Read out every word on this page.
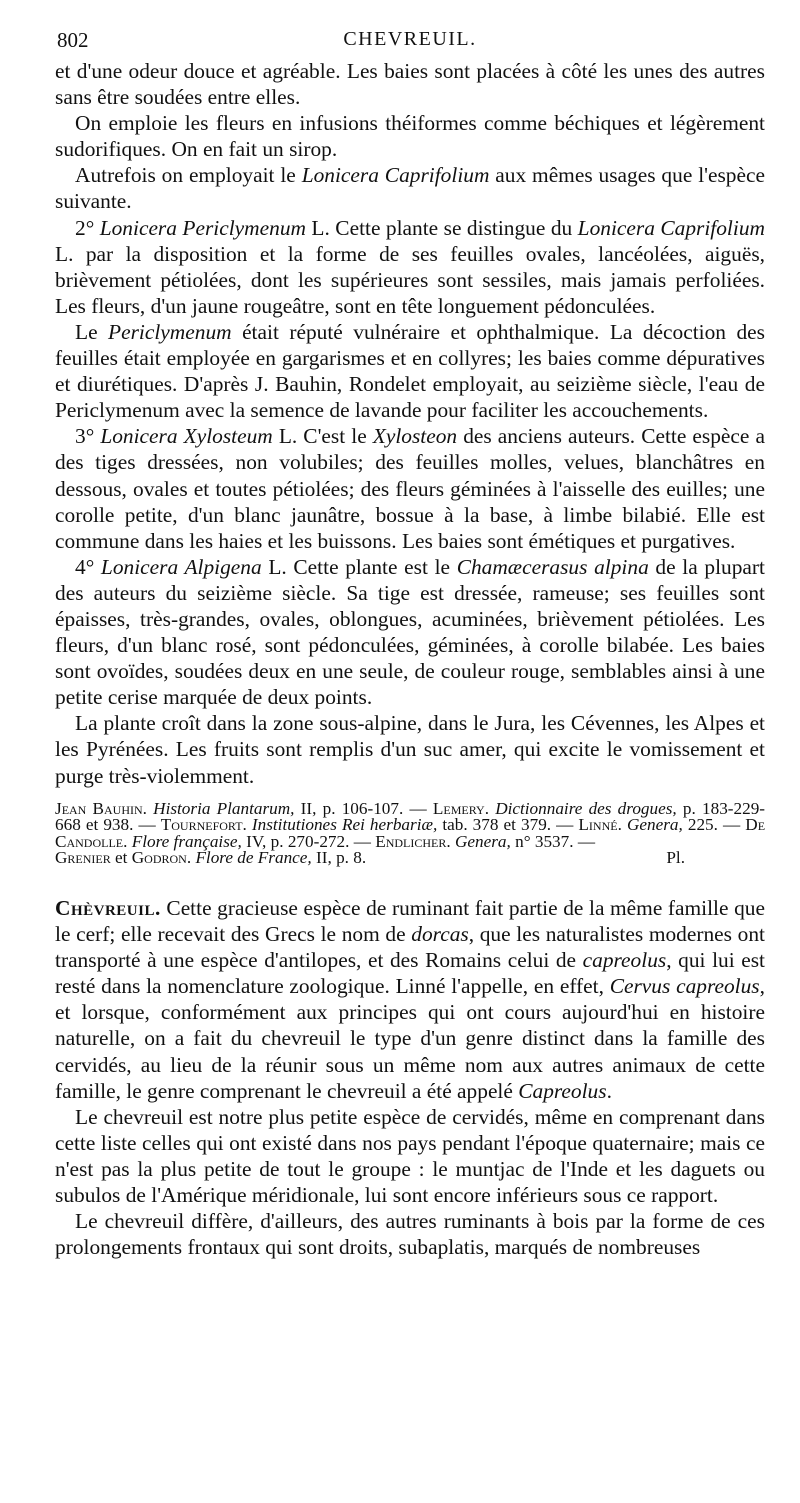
802	CHEVREUIL.

et d'une odeur douce et agréable. Les baies sont placées à côté les unes des autres sans être soudées entre elles.

On emploie les fleurs en infusions théiformes comme béchiques et légèrement sudorifiques. On en fait un sirop.

Autrefois on employait le Lonicera Caprifolium aux mêmes usages que l'espèce suivante.

2° Lonicera Periclymenum L. Cette plante se distingue du Lonicera Caprifolium L. par la disposition et la forme de ses feuilles ovales, lancéolées, aiguës, brièvement pétiolées, dont les supérieures sont sessiles, mais jamais perfoliées. Les fleurs, d'un jaune rougeâtre, sont en tête longuement pédonculées.

Le Periclymenum était réputé vulnéraire et ophthalmique. La décoction des feuilles était employée en gargarismes et en collyres; les baies comme dépuratives et diurétiques. D'après J. Bauhin, Rondelet employait, au seizième siècle, l'eau de Periclymenum avec la semence de lavande pour faciliter les accouchements.

3° Lonicera Xylosteum L. C'est le Xylosteon des anciens auteurs. Cette espèce a des tiges dressées, non volubiles; des feuilles molles, velues, blanchâtres en dessous, ovales et toutes pétiolées; des fleurs géminées à l'aisselle des euilles; une corolle petite, d'un blanc jaunâtre, bossue à la base, à limbe bilabié. Elle est commune dans les haies et les buissons. Les baies sont émétiques et purgatives.

4° Lonicera Alpigena L. Cette plante est le Chamæcerasus alpina de la plupart des auteurs du seizième siècle. Sa tige est dressée, rameuse; ses feuilles sont épaisses, très-grandes, ovales, oblongues, acuminées, brièvement pétiolées. Les fleurs, d'un blanc rosé, sont pédonculées, géminées, à corolle bilabée. Les baies sont ovoïdes, soudées deux en une seule, de couleur rouge, semblables ainsi à une petite cerise marquée de deux points.

La plante croît dans la zone sous-alpine, dans le Jura, les Cévennes, les Alpes et les Pyrénées. Les fruits sont remplis d'un suc amer, qui excite le vomissement et purge très-violemment.

Jean Bauhin. Historia Plantarum, II, p. 106-107. — Lemery. Dictionnaire des drogues, p. 183-229-668 et 938. — Tournefort. Institutiones Rei herbariæ, tab. 378 et 379. — Linné. Genera, 225. — De Candolle. Flore française, IV, p. 270-272. — Endlicher. Genera, n° 3537. —

Grenier et Godron. Flore de France, II, p. 8.	Pl.

Chèvreuil. Cette gracieuse espèce de ruminant fait partie de la même famille que le cerf; elle recevait des Grecs le nom de dorcas, que les naturalistes modernes ont transporté à une espèce d'antilopes, et des Romains celui de capreolus, qui lui est resté dans la nomenclature zoologique. Linné l'appelle, en effet, Cervus capreolus, et lorsque, conformément aux principes qui ont cours aujourd'hui en histoire naturelle, on a fait du chevreuil le type d'un genre distinct dans la famille des cervidés, au lieu de la réunir sous un même nom aux autres animaux de cette famille, le genre comprenant le chevreuil a été appelé Capreolus.

Le chevreuil est notre plus petite espèce de cervidés, même en comprenant dans cette liste celles qui ont existé dans nos pays pendant l'époque quaternaire; mais ce n'est pas la plus petite de tout le groupe : le muntjac de l'Inde et les daguets ou subulos de l'Amérique méridionale, lui sont encore inférieurs sous ce rapport.

Le chevreuil diffère, d'ailleurs, des autres ruminants à bois par la forme de ces prolongements frontaux qui sont droits, subaplatis, marqués de nombreuses
